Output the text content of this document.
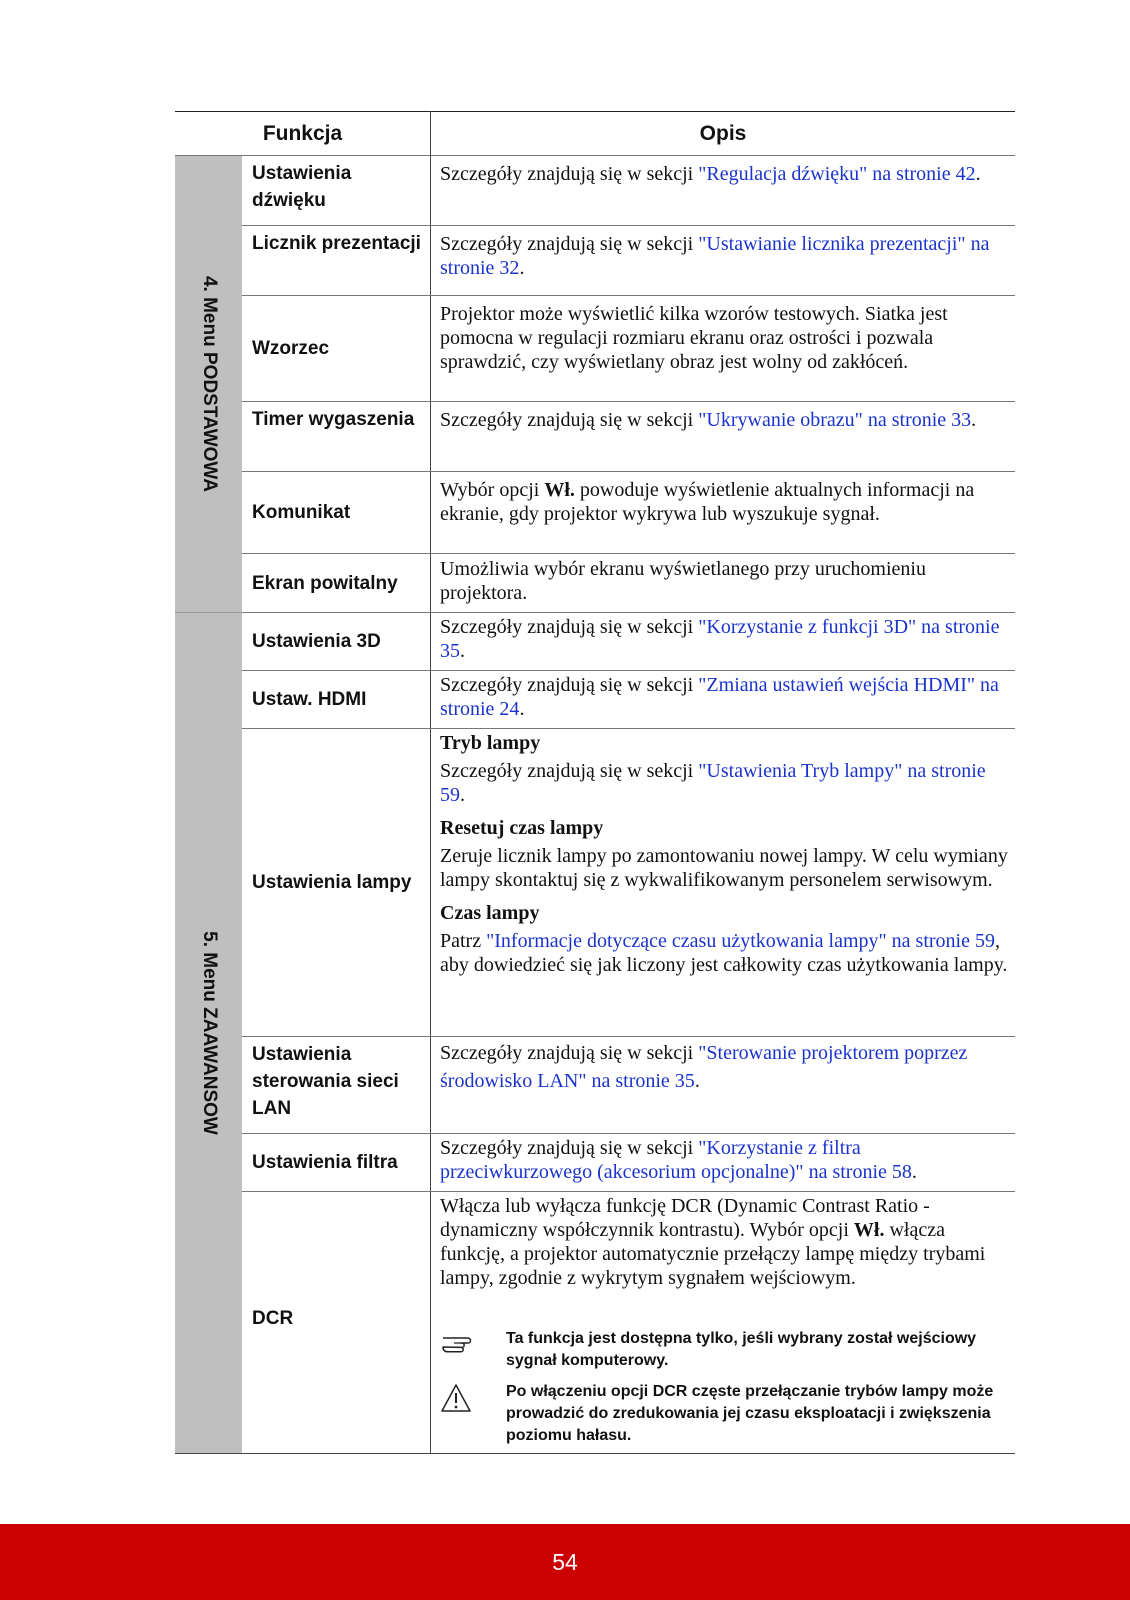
Funkcja	Opis
4. Menu PODSTAWOWA
5. Menu ZAAWANSOW
Ustawienia dźwięku
Szczegóły znajdują się w sekcji "Regulacja dźwięku" na stronie 42.
Licznik prezentacji Szczegóły znajdują się w sekcji "Ustawianie licznika prezentacji" na stronie 32.
Wzorzec
Projektor może wyświetlić kilka wzorów testowych. Siatka jest pomocna w regulacji rozmiaru ekranu oraz ostrości i pozwala sprawdzić, czy wyświetlany obraz jest wolny od zakłóceń.
Timer wygaszenia	Szczegóły znajdują się w sekcji "Ukrywanie obrazu" na stronie 33.
Komunikat
Wybór opcji Wł. powoduje wyświetlenie aktualnych informacji na ekranie, gdy projektor wykrywa lub wyszukuje sygnał.
Ekran powitalny
Umożliwia wybór ekranu wyświetlanego przy uruchomieniu projektora.
Ustawienia 3D
Szczegóły znajdują się w sekcji "Korzystanie z funkcji 3D" na stronie 35.
Ustaw. HDMI
Szczegóły znajdują się w sekcji "Zmiana ustawień wejścia HDMI" na stronie 24.
Ustawienia lampy
Tryb lampy
Szczegóły znajdują się w sekcji "Ustawienia Tryb lampy" na stronie 59.
Resetuj czas lampy
Zeruje licznik lampy po zamontowaniu nowej lampy. W celu wymiany lampy skontaktuj się z wykwalifikowanym personelem serwisowym.
Czas lampy
Patrz "Informacje dotyczące czasu użytkowania lampy" na stronie 59, aby dowiedzieć się jak liczony jest całkowity czas użytkowania lampy.
Ustawienia sterowania sieci LAN
Szczegóły znajdują się w sekcji "Sterowanie projektorem poprzez środowisko LAN" na stronie 35.
Ustawienia filtra
Szczegóły znajdują się w sekcji "Korzystanie z filtra przeciwkurzowego (akcesorium opcjonalne)" na stronie 58.
DCR
Włącza lub wyłącza funkcję DCR (Dynamic Contrast Ratio - dynamiczny współczynnik kontrastu). Wybór opcji Wł. włącza funkcję, a projektor automatycznie przełączy lampę między trybami lampy, zgodnie z wykrytym sygnałem wejściowym.
Ta funkcja jest dostępna tylko, jeśli wybrany został wejściowy sygnał komputerowy.
Po włączeniu opcji DCR częste przełączanie trybów lampy może prowadzić do zredukowania jej czasu eksploatacji i zwiększenia poziomu hałasu.
54
